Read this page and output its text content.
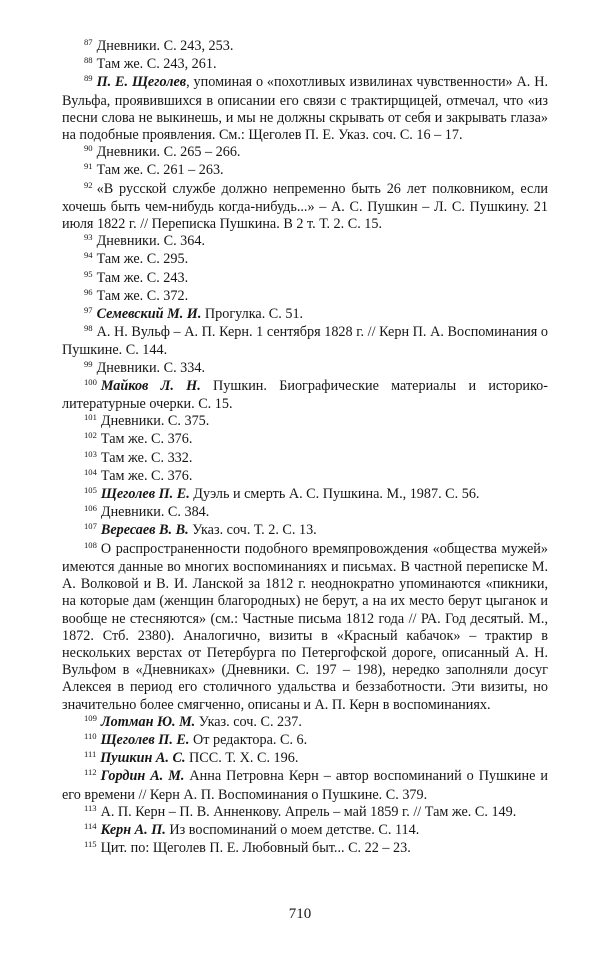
$^{87}$ Дневники. С. 243, 253.

$^{88}$ Там же. С. 243, 261.

$^{89}$ П. Е. Щеголев, упоминая о «похотливых извилинах чувственности» А. Н. Вульфа, проявившихся в описании его связи с трактирщицей, отмечал, что «из песни слова не выкинешь, и мы не должны скрывать от себя и закрывать глаза» на подобные проявления. См.: Щеголев П. Е. Указ. соч. С. 16 – 17.

$^{90}$ Дневники. С. 265 – 266.

$^{91}$ Там же. С. 261 – 263.

$^{92}$ «В русской службе должно непременно быть 26 лет полковником, если хочешь быть чем-нибудь когда-нибудь...» – А. С. Пушкин – Л. С. Пушкину. 21 июля 1822 г. // Переписка Пушкина. В 2 т. Т. 2. С. 15.

$^{93}$ Дневники. С. 364.

$^{94}$ Там же. С. 295.

$^{95}$ Там же. С. 243.

$^{96}$ Там же. С. 372.

$^{97}$ Семевский М. И. Прогулка. С. 51.

$^{98}$ А. Н. Вульф – А. П. Керн. 1 сентября 1828 г. // Керн П. А. Воспоминания о Пушкине. С. 144.

$^{99}$ Дневники. С. 334.

$^{100}$ Майков Л. Н. Пушкин. Биографические материалы и историко-литературные очерки. С. 15.

$^{101}$ Дневники. С. 375.

$^{102}$ Там же. С. 376.

$^{103}$ Там же. С. 332.

$^{104}$ Там же. С. 376.

$^{105}$ Щеголев П. Е. Дуэль и смерть А. С. Пушкина. М., 1987. С. 56.

$^{106}$ Дневники. С. 384.

$^{107}$ Вересаев В. В. Указ. соч. Т. 2. С. 13.

$^{108}$ О распространенности подобного времяпровождения «общества мужей» имеются данные во многих воспоминаниях и письмах. В частной переписке М. А. Волковой и В. И. Ланской за 1812 г. неоднократно упоминаются «пикники, на которые дам (женщин благородных) не берут, а на их место берут цыганок и вообще не стесняются» (см.: Частные письма 1812 года // РА. Год десятый. М., 1872. Стб. 2380). Аналогично, визиты в «Красный кабачок» – трактир в нескольких верстах от Петербурга по Петергофской дороге, описанный А. Н. Вульфом в «Дневниках» (Дневники. С. 197 – 198), нередко заполняли досуг Алексея в период его столичного удальства и беззаботности. Эти визиты, но значительно более смягченно, описаны и А. П. Керн в воспоминаниях.

$^{109}$ Лотман Ю. М. Указ. соч. С. 237.

$^{110}$ Щеголев П. Е. От редактора. С. 6.

$^{111}$ Пушкин А. С. ПСС. Т. X. С. 196.

$^{112}$ Гордин А. М. Анна Петровна Керн – автор воспоминаний о Пушкине и его времени // Керн А. П. Воспоминания о Пушкине. С. 379.

$^{113}$ А. П. Керн – П. В. Анненкову. Апрель – май 1859 г. // Там же. С. 149.

$^{114}$ Керн А. П. Из воспоминаний о моем детстве. С. 114.

$^{115}$ Цит. по: Щеголев П. Е. Любовный быт... С. 22 – 23.

710
